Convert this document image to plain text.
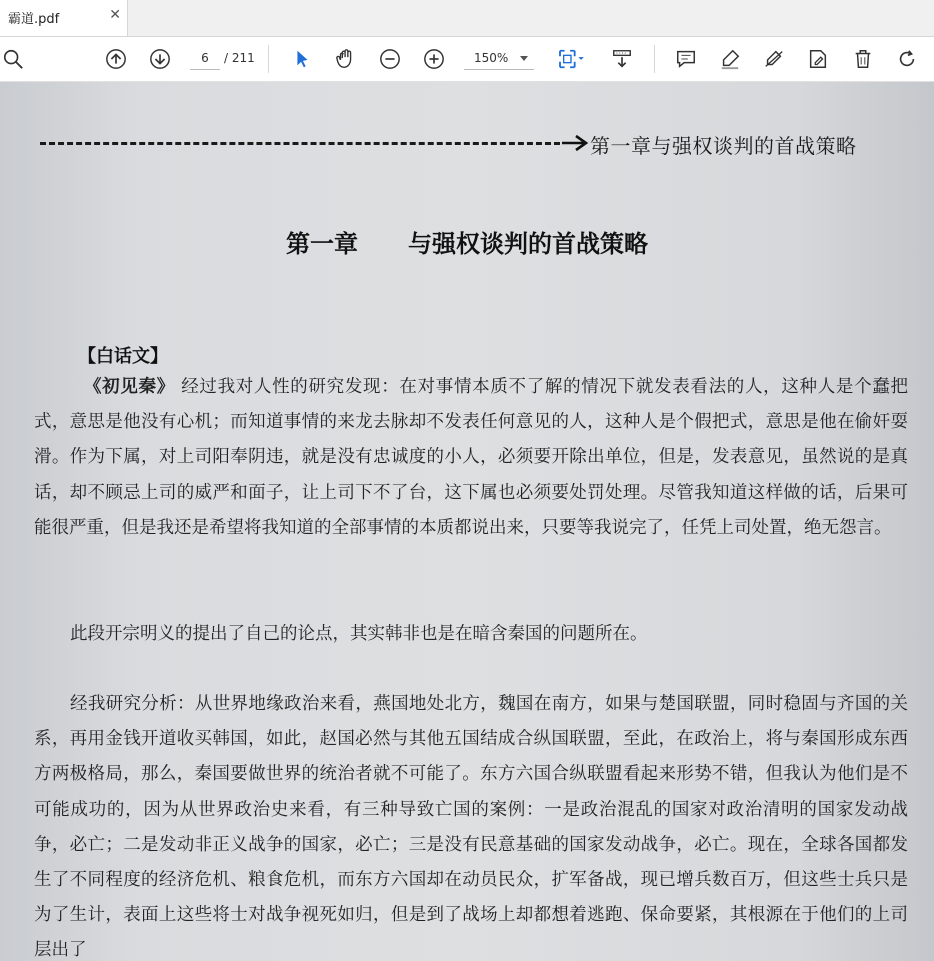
霸道.pdf	✕
6	/ 211	150%
第一章与强权谈判的首战策略
第一章 与强权谈判的首战策略
【白话文】
《初见秦》 经过我对人性的研究发现：在对事情本质不了解的情况下就发表看法的人，这种人是个蠢把式，意思是他没有心机；而知道事情的来龙去脉却不发表任何意见的人，这种人是个假把式，意思是他在偷奸耍滑。作为下属，对上司阳奉阴违，就是没有忠诚度的小人，必须要开除出单位，但是，发表意见，虽然说的是真话，却不顾忌上司的威严和面子，让上司下不了台，这下属也必须要处罚处理。尽管我知道这样做的话，后果可能很严重，但是我还是希望将我知道的全部事情的本质都说出来，只要等我说完了，任凭上司处置，绝无怨言。
此段开宗明义的提出了自己的论点，其实韩非也是在暗含秦国的问题所在。
经我研究分析：从世界地缘政治来看，燕国地处北方，魏国在南方，如果与楚国联盟，同时稳固与齐国的关系，再用金钱开道收买韩国，如此，赵国必然与其他五国结成合纵国联盟，至此，在政治上，将与秦国形成东西方两极格局，那么，秦国要做世界的统治者就不可能了。东方六国合纵联盟看起来形势不错，但我认为他们是不可能成功的，因为从世界政治史来看，有三种导致亡国的案例：一是政治混乱的国家对政治清明的国家发动战争，必亡；二是发动非正义战争的国家，必亡；三是没有民意基础的国家发动战争，必亡。现在，全球各国都发生了不同程度的经济危机、粮食危机，而东方六国却在动员民众，扩军备战，现已增兵数百万，但这些士兵只是为了生计，表面上这些将士对战争视死如归，但是到了战场上却都想着逃跑、保命要紧，其根源在于他们的上司层出了
